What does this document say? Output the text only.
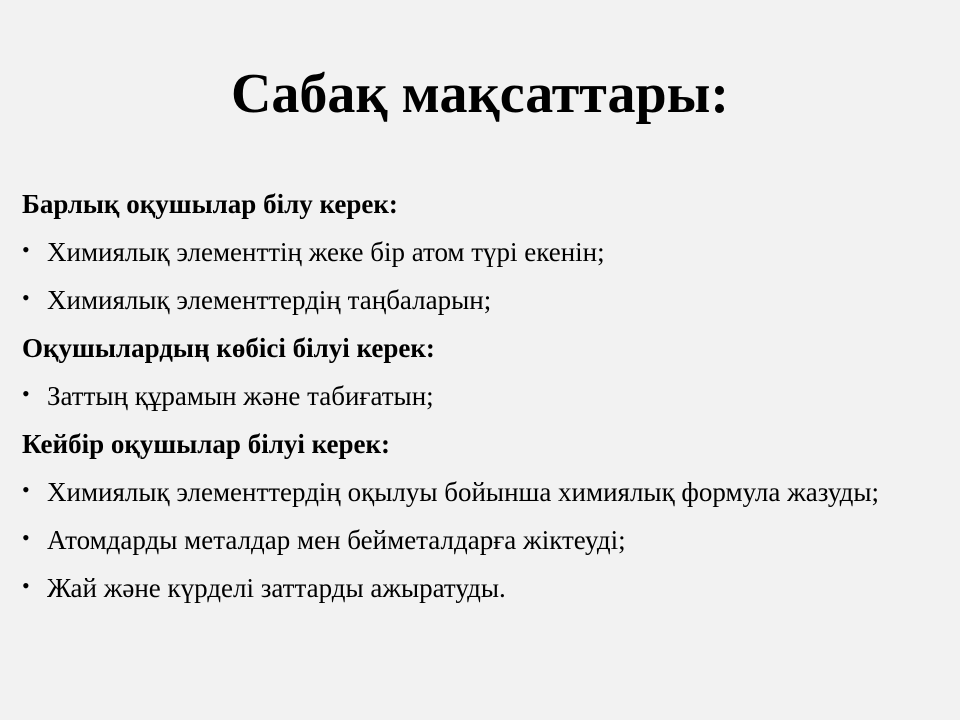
Сабақ мақсаттары:
Барлық оқушылар білу керек:
• Химиялық элементтің жеке бір атом түрі екенін;
• Химиялық элементтердің таңбаларын;
Оқушылардың көбісі білуі керек:
• Заттың құрамын және табиғатын;
Кейбір оқушылар білуі керек:
• Химиялық элементтердің оқылуы бойынша химиялық формула жазуды;
• Атомдарды металдар мен бейметалдарға жіктеуді;
• Жай және күрделі заттарды ажыратуды.
